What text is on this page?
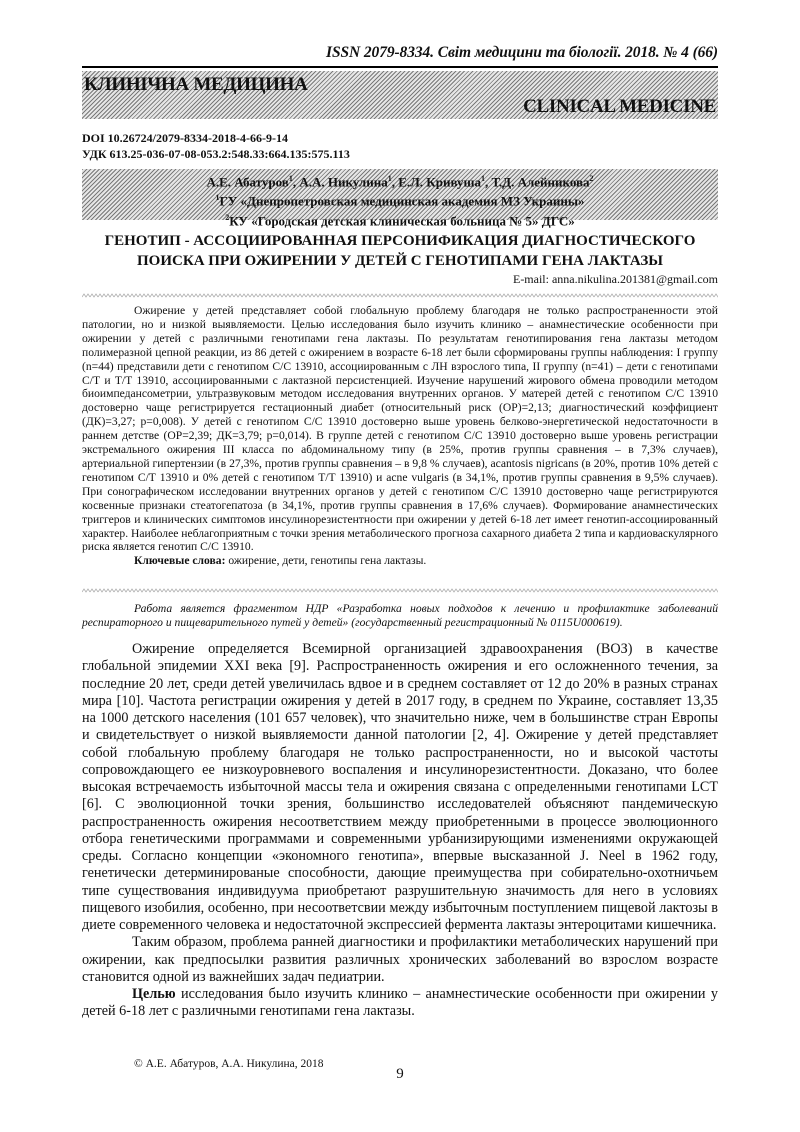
ISSN 2079-8334. Світ медицини та біології. 2018. № 4 (66)
КЛИНІЧНА МЕДИЦИНА
CLINICAL MEDICINE
DOI 10.26724/2079-8334-2018-4-66-9-14
УДК 613.25-036-07-08-053.2:548.33:664.135:575.113
А.Е. Абатуров$^1$, А.А. Никулина$^1$, Е.Л. Кривуша$^1$, Т.Д. Алейникова$^2$
$^1$ГУ «Днепропетровская медицинская академия МЗ Украины»
$^2$КУ «Городская детская клиническая больница № 5» ДГС»
ГЕНОТИП - АССОЦИИРОВАННАЯ ПЕРСОНИФИКАЦИЯ ДИАГНОСТИЧЕСКОГО
ПОИСКА ПРИ ОЖИРЕНИИ У ДЕТЕЙ С ГЕНОТИПАМИ ГЕНА ЛАКТАЗЫ
E-mail: anna.nikulina.201381@gmail.com

Ожирение у детей представляет собой глобальную проблему благодаря не только распространенности этой патологии, но и низкой выявляемости. Целью исследования было изучить клинико – анамнестические особенности при ожирении у детей с различными генотипами гена лактазы. По результатам генотипирования гена лактазы методом полимеразной цепной реакции, из 86 детей с ожирением в возрасте 6-18 лет были сформированы группы наблюдения: I группу (n=44) представили дети с генотипом С/С 13910, ассоциированным с ЛН взрослого типа, II группу (n=41) – дети с генотипами С/Т и Т/Т 13910, ассоциированными с лактазной персистенцией. Изучение нарушений жирового обмена проводили методом биоимпедансометрии, ультразвуковым методом исследования внутренних органов. У матерей детей с генотипом С/С 13910 достоверно чаще регистрируется гестационный диабет (относительный риск (ОР)=2,13; диагностический коэффициент (ДК)=3,27; р=0,008). У детей с генотипом С/С 13910 достоверно выше уровень белково-энергетической недостаточности в раннем детстве (ОР=2,39; ДК=3,79; р=0,014). В группе детей с генотипом С/С 13910 достоверно выше уровень регистрации экстремального ожирения III класса по абдоминальному типу (в 25%, против группы сравнения – в 7,3% случаев), артериальной гипертензии (в 27,3%, против группы сравнения – в 9,8 % случаев), acantosis nigricans (в 20%, против 10% детей с генотипом С/Т 13910 и 0% детей с генотипом Т/Т 13910) и acne vulgaris (в 34,1%, против группы сравнения в 9,5% случаев). При сонографическом исследовании внутренних органов у детей с генотипом С/С 13910 достоверно чаще регистрируются косвенные признаки стеатогепатоза (в 34,1%, против группы сравнения в 17,6% случаев). Формирование анамнестических триггеров и клинических симптомов инсулинорезистентности при ожирении у детей 6-18 лет имеет генотип-ассоциированный характер. Наиболее неблагоприятным с точки зрения метаболического прогноза сахарного диабета 2 типа и кардиоваскулярного риска является генотип С/С 13910.

Ключевые слова: ожирение, дети, генотипы гена лактазы.

Работа является фрагментом НДР «Разработка новых подходов к лечению и профилактике заболеваний респираторного и пищеварительного путей у детей» (государственный регистрационный № 0115U000619).

Ожирение определяется Всемирной организацией здравоохранения (ВОЗ) в качестве глобальной эпидемии XXI века [9]. Распространенность ожирения и его осложненного течения, за последние 20 лет, среди детей увеличилась вдвое и в среднем составляет от 12 до 20% в разных странах мира [10]. Частота регистрации ожирения у детей в 2017 году, в среднем по Украине, составляет 13,35 на 1000 детского населения (101 657 человек), что значительно ниже, чем в большинстве стран Европы и свидетельствует о низкой выявляемости данной патологии [2, 4]. Ожирение у детей представляет собой глобальную проблему благодаря не только распространенности, но и высокой частоты сопровождающего ее низкоуровневого воспаления и инсулинорезистентности. Доказано, что более высокая встречаемость избыточной массы тела и ожирения связана с определенными генотипами LCT [6]. С эволюционной точки зрения, большинство исследователей объясняют пандемическую распространенность ожирения несоответствием между приобретенными в процессе эволюционного отбора генетическими программами и современными урбанизирующими изменениями окружающей среды. Согласно концепции «экономного генотипа», впервые высказанной J. Neel в 1962 году, генетически детерминированые способности, дающие преимущества при собирательно-охотничьем типе существования индивидуума приобретают разрушительную значимость для него в условиях пищевого изобилия, особенно, при несоответсвии между избыточным поступлением пищевой лактозы в диете современного человека и недостаточной экспрессией фермента лактазы энтероцитами кишечника.

Таким образом, проблема ранней диагностики и профилактики метаболических нарушений при ожирении, как предпосылки развития различных хронических заболеваний во взрослом возрасте становится одной из важнейших задач педиатрии.

Целью исследования было изучить клинико – анамнестические особенности при ожирении у детей 6-18 лет с различными генотипами гена лактазы.

© А.Е. Абатуров, А.А. Никулина, 2018
9
